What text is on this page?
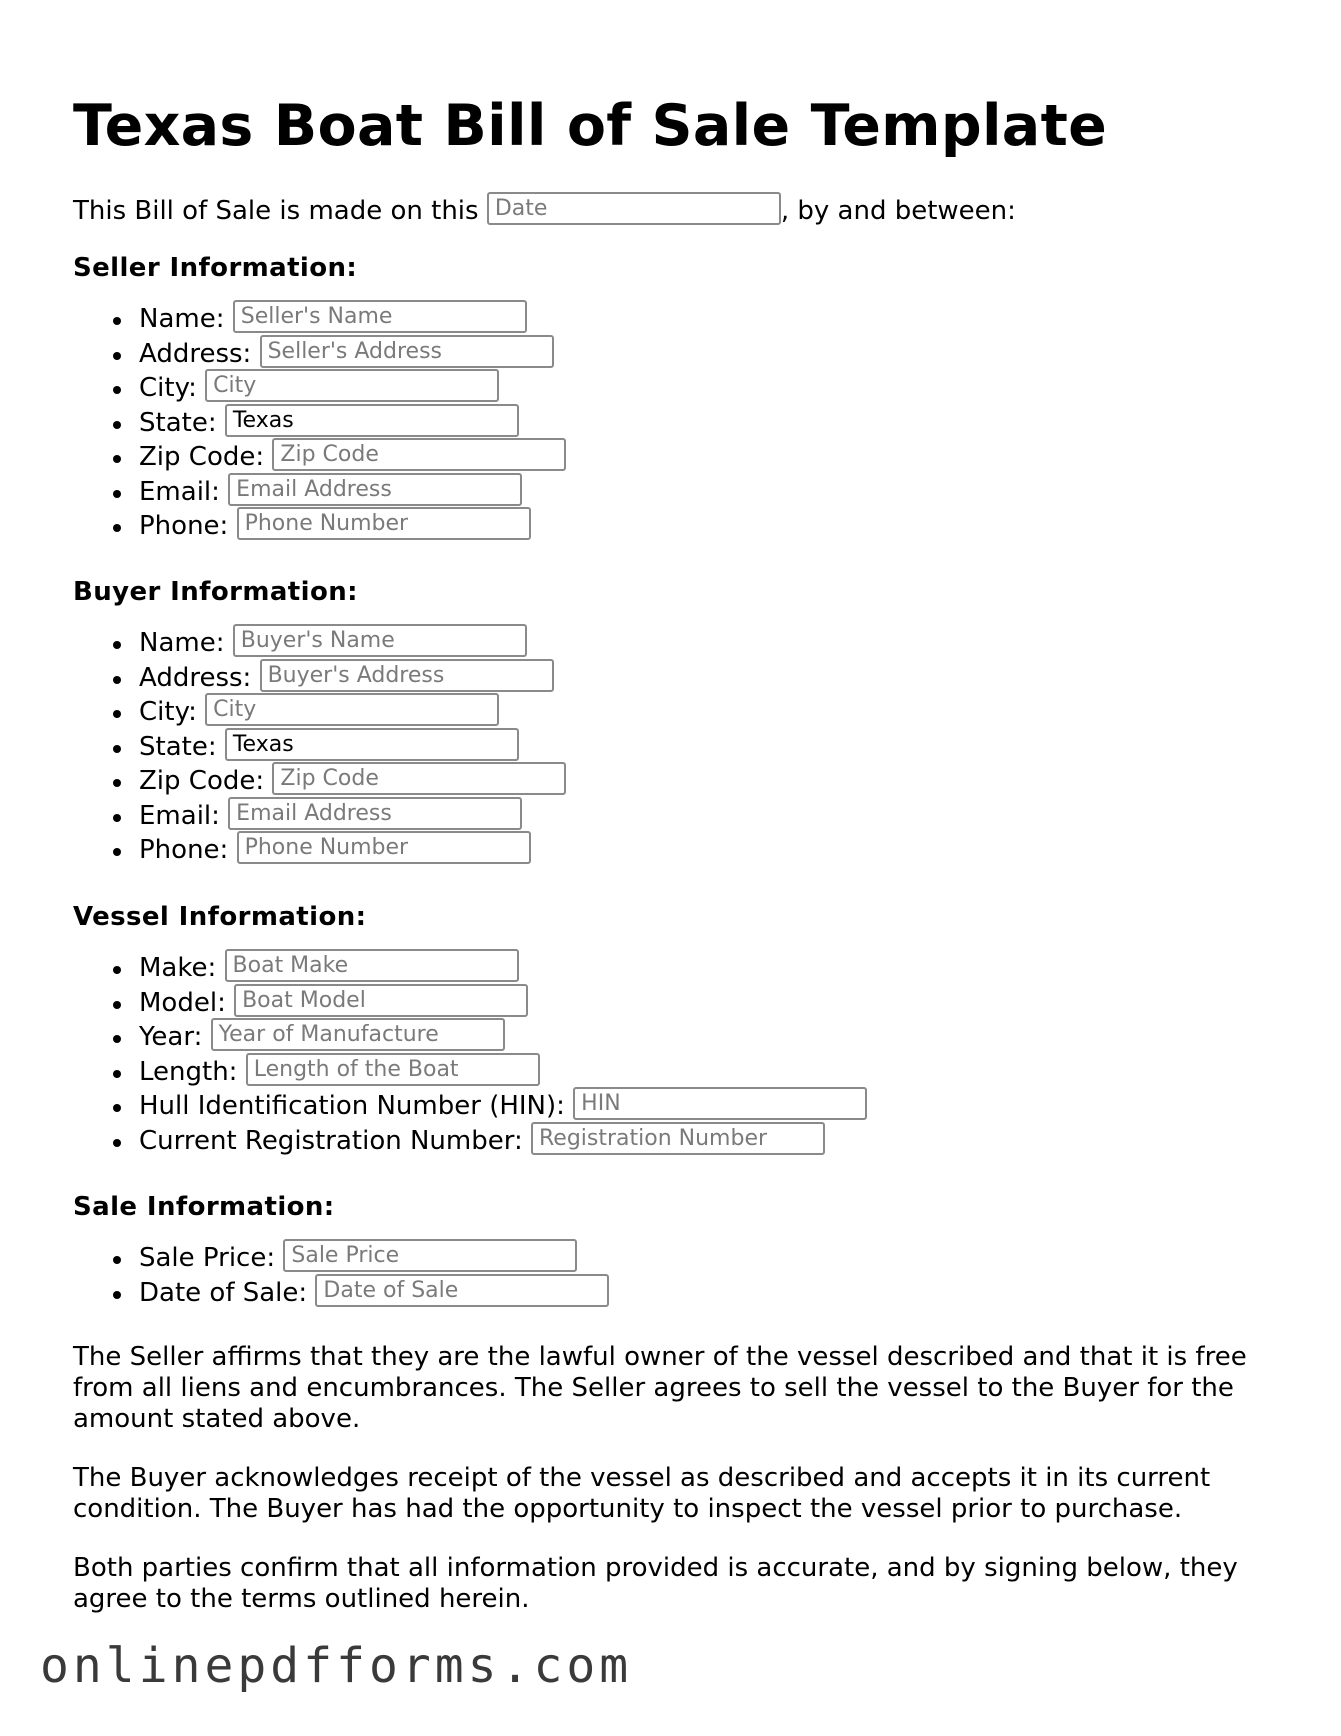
Texas Boat Bill of Sale Template
This Bill of Sale is made on this Date	, by and between:
Seller Information:
Name: Seller's Name
Address: Seller's Address
City: City
State: Texas
Zip Code: Zip Code
Email: Email Address
Phone: Phone Number
Buyer Information:
Name: Buyer's Name
Address: Buyer's Address
City: City
State: Texas
Zip Code: Zip Code
Email: Email Address
Phone: Phone Number
Vessel Information:
Make: Boat Make
Model: Boat Model
Year: Year of Manufacture
Length: Length of the Boat
Hull Identification Number (HIN): HIN
Current Registration Number: Registration Number
Sale Information:
Sale Price: Sale Price
Date of Sale: Date of Sale

The Seller affirms that they are the lawful owner of the vessel described and that it is free from all liens and encumbrances. The Seller agrees to sell the vessel to the Buyer for the amount stated above.

The Buyer acknowledges receipt of the vessel as described and accepts it in its current condition. The Buyer has had the opportunity to inspect the vessel prior to purchase.

Both parties confirm that all information provided is accurate, and by signing below, they agree to the terms outlined herein.

onlinepdfforms.com
